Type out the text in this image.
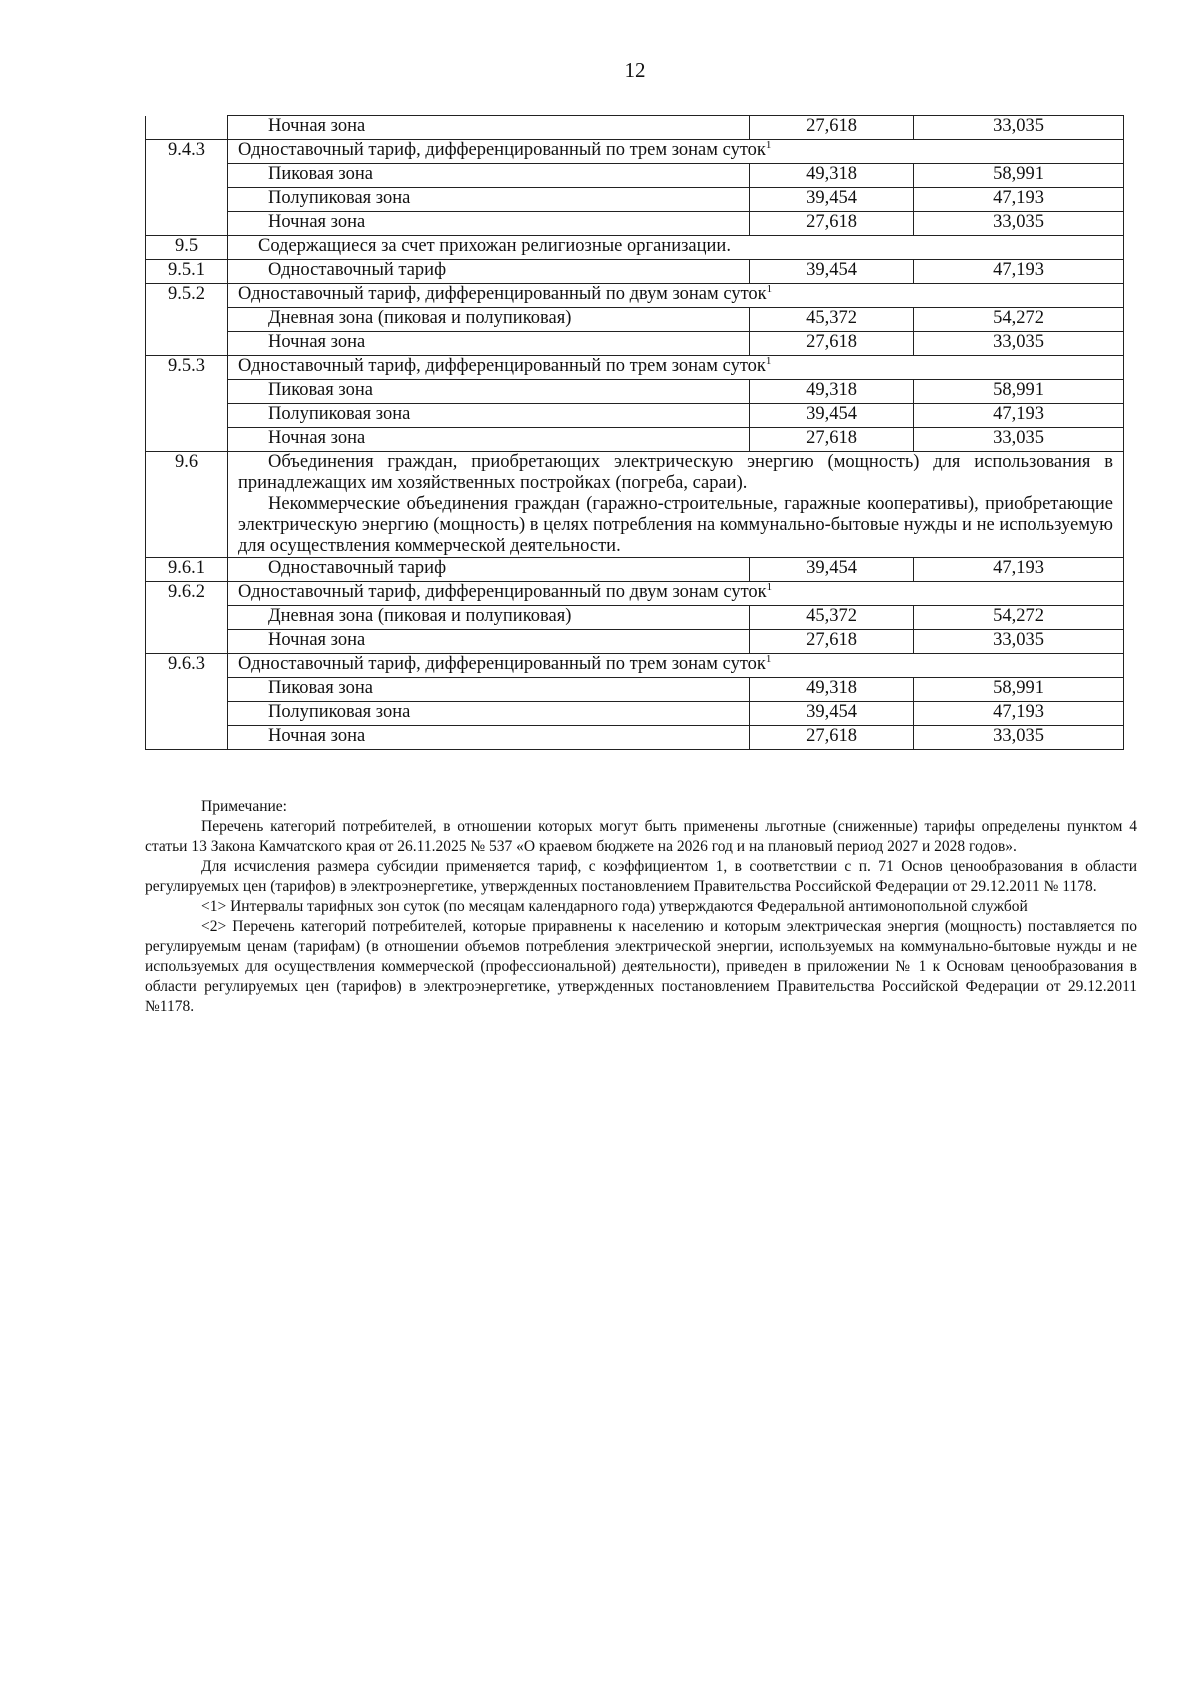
12
	Ночная зона	27,618	33,035
9.4.3	Одноставочный тариф, дифференцированный по трем зонам суток$^1$
	Пиковая зона	49,318	58,991
	Полупиковая зона	39,454	47,193
	Ночная зона	27,618	33,035
9.5	Содержащиеся за счет прихожан религиозные организации.		
9.5.1	Одноставочный тариф	39,454	47,193
9.5.2	Одноставочный тариф, дифференцированный по двум зонам суток$^1$
	Дневная зона (пиковая и полупиковая)	45,372	54,272
	Ночная зона	27,618	33,035
9.5.3	Одноставочный тариф, дифференцированный по трем зонам суток$^1$
	Пиковая зона	49,318	58,991
	Полупиковая зона	39,454	47,193
	Ночная зона	27,618	33,035
9.6	Объединения граждан, приобретающих электрическую энергию (мощность) для использования в принадлежащих им хозяйственных постройках (погреба, сараи).

Некоммерческие объединения граждан (гаражно-строительные, гаражные кооперативы), приобретающие электрическую энергию (мощность) в целях потребления на коммунально-бытовые нужды и не используемую для осуществления коммерческой деятельности.		

9.6.1	Одноставочный тариф	39,454	47,193
9.6.2	Одноставочный тариф, дифференцированный по двум зонам суток$^1$
	Дневная зона (пиковая и полупиковая)	45,372	54,272
	Ночная зона	27,618	33,035
9.6.3	Одноставочный тариф, дифференцированный по трем зонам суток$^1$
	Пиковая зона	49,318	58,991
	Полупиковая зона	39,454	47,193
	Ночная зона	27,618	33,035

Примечание:

Перечень категорий потребителей, в отношении которых могут быть применены льготные (сниженные) тарифы определены пунктом 4 статьи 13 Закона Камчатского края от 26.11.2025 № 537 «О краевом бюджете на 2026 год и на плановый период 2027 и 2028 годов».

Для исчисления размера субсидии применяется тариф, с коэффициентом 1, в соответствии с п. 71 Основ ценообразования в области регулируемых цен (тарифов) в электроэнергетике, утвержденных постановлением Правительства Российской Федерации от 29.12.2011 № 1178.

<1> Интервалы тарифных зон суток (по месяцам календарного года) утверждаются Федеральной антимонопольной службой

<2> Перечень категорий потребителей, которые приравнены к населению и которым электрическая энергия (мощность) поставляется по регулируемым ценам (тарифам) (в отношении объемов потребления электрической энергии, используемых на коммунально-бытовые нужды и не используемых для осуществления коммерческой (профессиональной) деятельности), приведен в приложении № 1 к Основам ценообразования в области регулируемых цен (тарифов) в электроэнергетике, утвержденных постановлением Правительства Российской Федерации от 29.12.2011 №1178.
